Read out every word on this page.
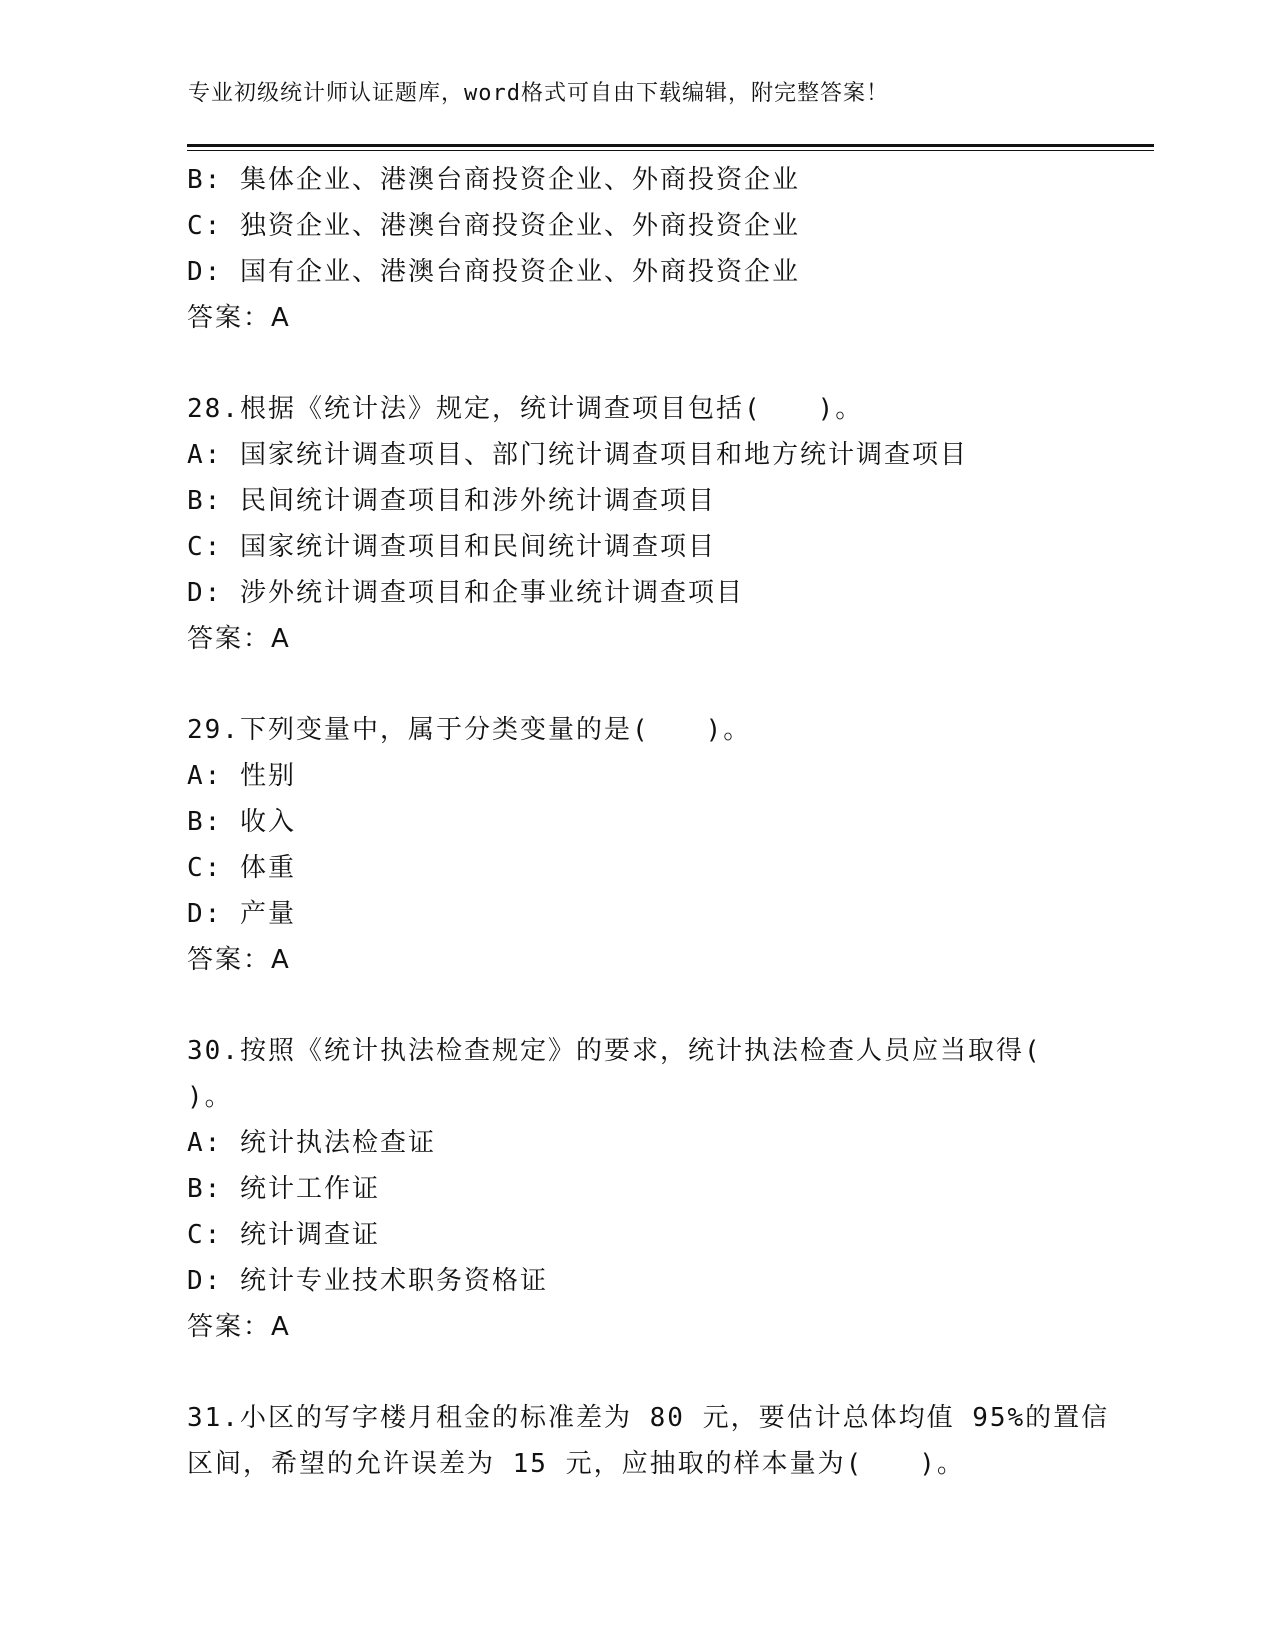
专业初级统计师认证题库，word格式可自由下载编辑，附完整答案！
B: 集体企业、港澳台商投资企业、外商投资企业
C: 独资企业、港澳台商投资企业、外商投资企业
D: 国有企业、港澳台商投资企业、外商投资企业
答案：A
28.根据《统计法》规定，统计调查项目包括(　　)。
A: 国家统计调查项目、部门统计调查项目和地方统计调查项目
B: 民间统计调查项目和涉外统计调查项目
C: 国家统计调查项目和民间统计调查项目
D: 涉外统计调查项目和企事业统计调查项目
答案：A
29.下列变量中，属于分类变量的是(　　)。
A: 性别
B: 收入
C: 体重
D: 产量
答案：A
30.按照《统计执法检查规定》的要求，统计执法检查人员应当取得(
)。
A: 统计执法检查证
B: 统计工作证
C: 统计调查证
D: 统计专业技术职务资格证
答案：A
31.小区的写字楼月租金的标准差为 80 元，要估计总体均值 95%的置信
区间，希望的允许误差为 15 元，应抽取的样本量为(　　)。
